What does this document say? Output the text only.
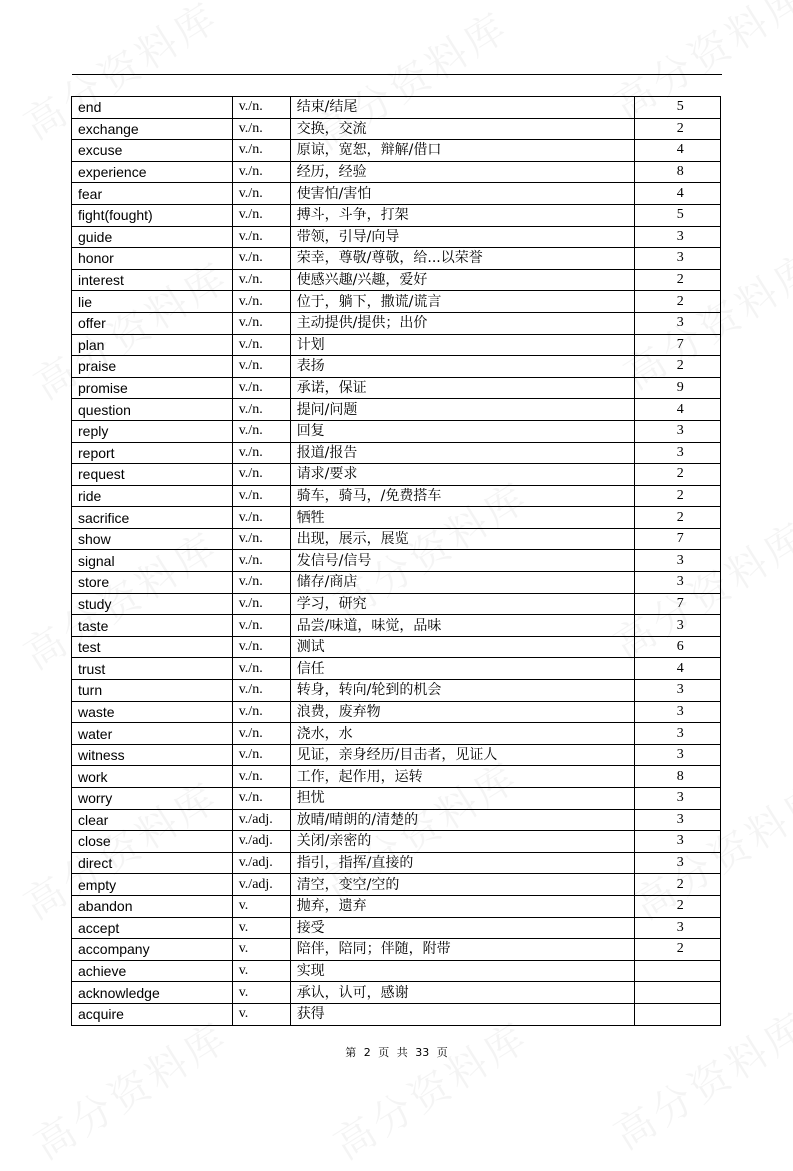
end	v./n.	结束/结尾	5
exchange	v./n.	交换，交流	2
excuse	v./n.	原谅，宽恕，辩解/借口	4
experience	v./n.	经历，经验	8
fear	v./n.	使害怕/害怕	4
fight(fought)	v./n.	搏斗，斗争，打架	5
guide	v./n.	带领，引导/向导	3
honor	v./n.	荣幸，尊敬/尊敬，给...以荣誉	3
interest	v./n.	使感兴趣/兴趣，爱好	2
lie	v./n.	位于，躺下，撒谎/谎言	2
offer	v./n.	主动提供/提供；出价	3
plan	v./n.	计划	7
praise	v./n.	表扬	2
promise	v./n.	承诺，保证	9
question	v./n.	提问/问题	4
reply	v./n.	回复	3
report	v./n.	报道/报告	3
request	v./n.	请求/要求	2
ride	v./n.	骑车，骑马，/免费搭车	2
sacrifice	v./n.	牺牲	2
show	v./n.	出现，展示，展览	7
signal	v./n.	发信号/信号	3
store	v./n.	储存/商店	3
study	v./n.	学习，研究	7
taste	v./n.	品尝/味道，味觉，品味	3
test	v./n.	测试	6
trust	v./n.	信任	4
turn	v./n.	转身，转向/轮到的机会	3
waste	v./n.	浪费，废弃物	3
water	v./n.	浇水，水	3
witness	v./n.	见证，亲身经历/目击者，见证人	3
work	v./n.	工作，起作用，运转	8
worry	v./n.	担忧	3
clear	v./adj.	放晴/晴朗的/清楚的	3
close	v./adj.	关闭/亲密的	3
direct	v./adj.	指引，指挥/直接的	3
empty	v./adj.	清空，变空/空的	2
abandon	v.	抛弃，遗弃	2
accept	v.	接受	3
accompany	v.	陪伴，陪同；伴随，附带	2
achieve	v.	实现	
acknowledge	v.	承认，认可，感谢	
acquire	v.	获得	
第 2 页 共 33 页
